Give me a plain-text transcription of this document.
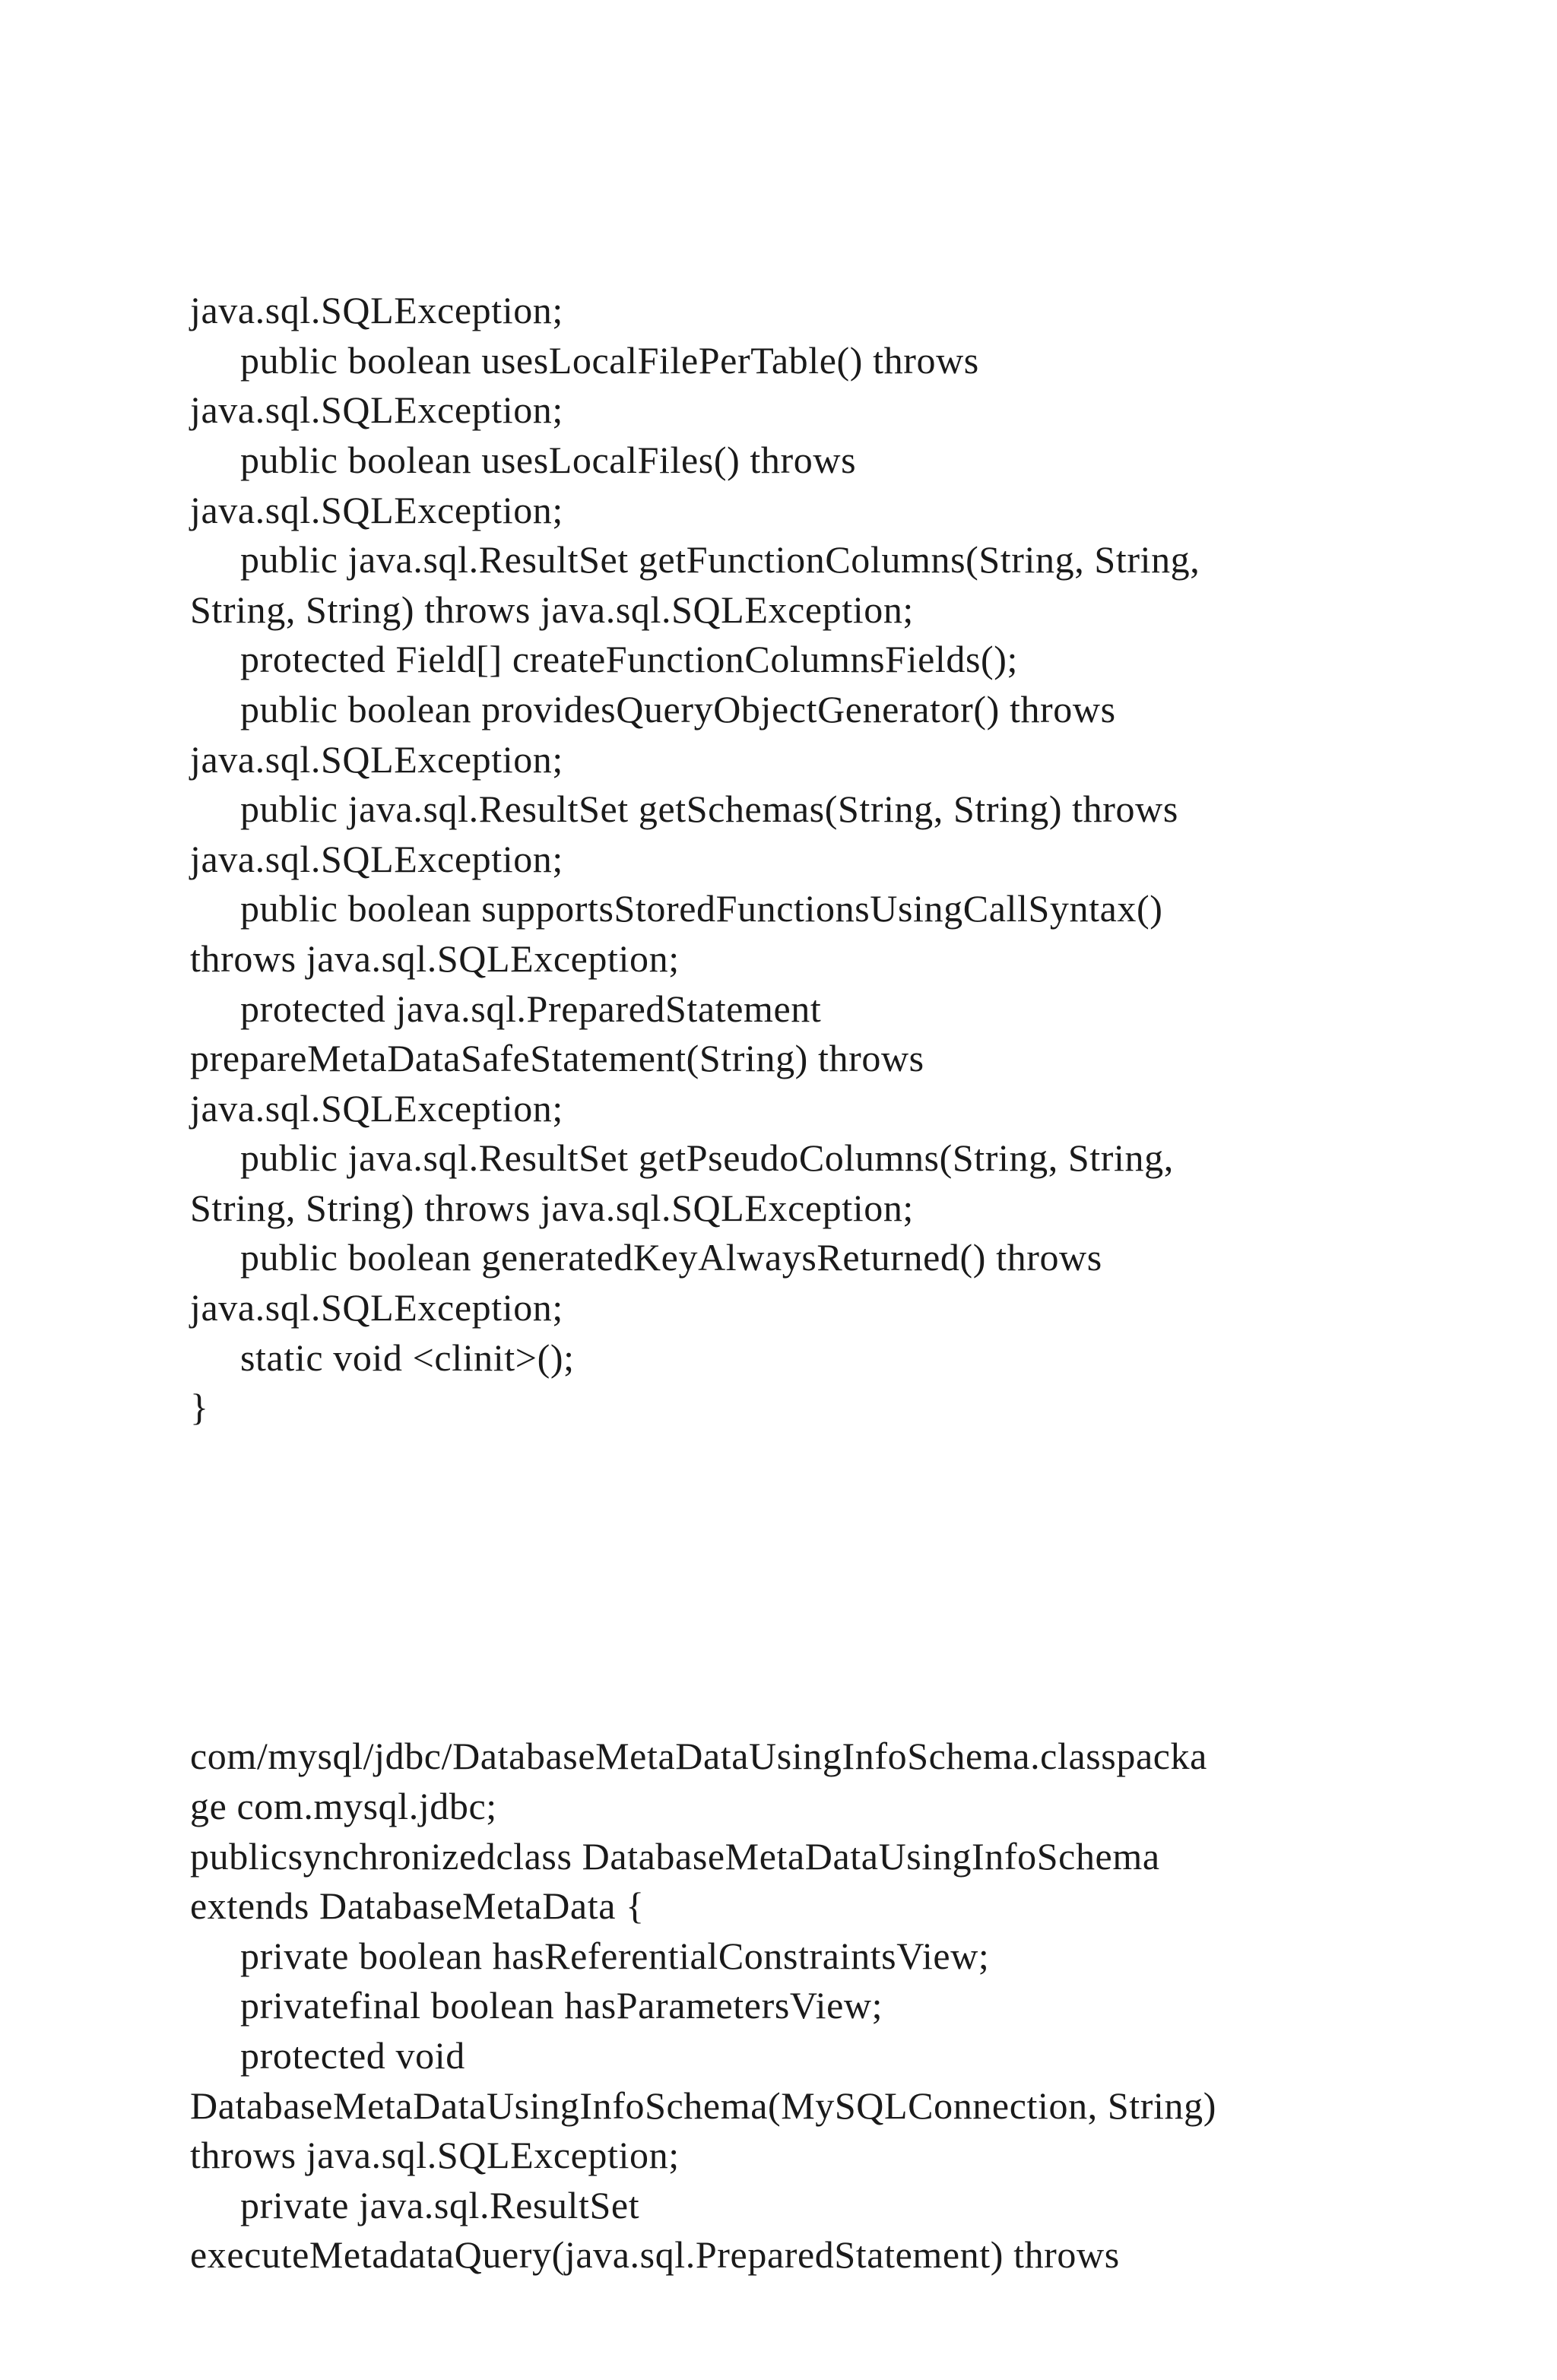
java.sql.SQLException;
public boolean usesLocalFilePerTable() throws
java.sql.SQLException;
public boolean usesLocalFiles() throws
java.sql.SQLException;
public java.sql.ResultSet getFunctionColumns(String, String,
String, String) throws java.sql.SQLException;
protected Field[] createFunctionColumnsFields();
public boolean providesQueryObjectGenerator() throws
java.sql.SQLException;
public java.sql.ResultSet getSchemas(String, String) throws
java.sql.SQLException;
public boolean supportsStoredFunctionsUsingCallSyntax()
throws java.sql.SQLException;
protected java.sql.PreparedStatement
prepareMetaDataSafeStatement(String) throws
java.sql.SQLException;
public java.sql.ResultSet getPseudoColumns(String, String,
String, String) throws java.sql.SQLException;
public boolean generatedKeyAlwaysReturned() throws
java.sql.SQLException;
static void <clinit>();
}

com/mysql/jdbc/DatabaseMetaDataUsingInfoSchema.classpacka
ge com.mysql.jdbc;
publicsynchronizedclass DatabaseMetaDataUsingInfoSchema
extends DatabaseMetaData {
private boolean hasReferentialConstraintsView;
privatefinal boolean hasParametersView;
protected void
DatabaseMetaDataUsingInfoSchema(MySQLConnection, String)
throws java.sql.SQLException;
private java.sql.ResultSet
executeMetadataQuery(java.sql.PreparedStatement) throws
